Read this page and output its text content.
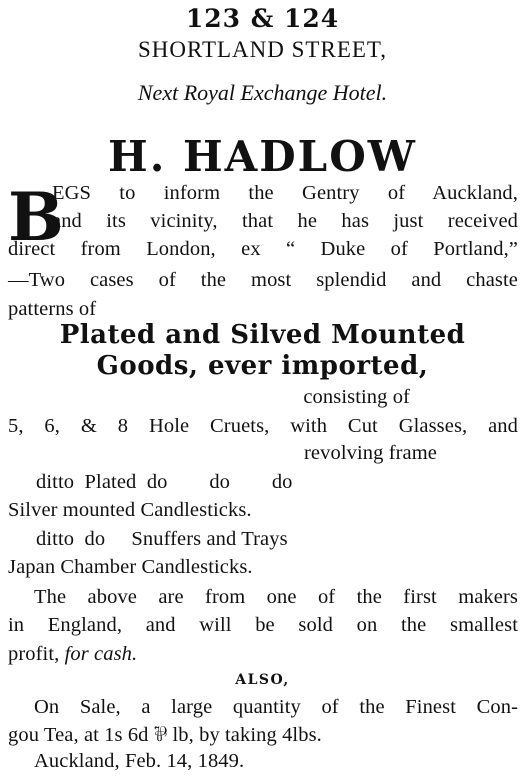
123 & 124
SHORTLAND STREET,
Next Royal Exchange Hotel.
H. HADLOW
B
EGS to inform the Gentry of Auckland,
and its vicinity, that he has just received
direct from London, ex “ Duke of Portland,”
—Two cases of the most splendid and chaste
patterns of
Plated and Silved Mounted
Goods, ever imported,
consisting of
5, 6, & 8 Hole Cruets, with Cut Glasses, and
revolving frame
ditto  Plated  do        do        do
Silver mounted Candlesticks.
ditto  do     Snuffers and Trays
Japan Chamber Candlesticks.
The above are from one of the first makers
in England, and will be sold on the smallest
profit, for cash.
ALSO,
On Sale, a large quantity of the Finest Con-
gou Tea, at 1s 6d ⅌ lb, by taking 4lbs.
Auckland, Feb. 14, 1849.
